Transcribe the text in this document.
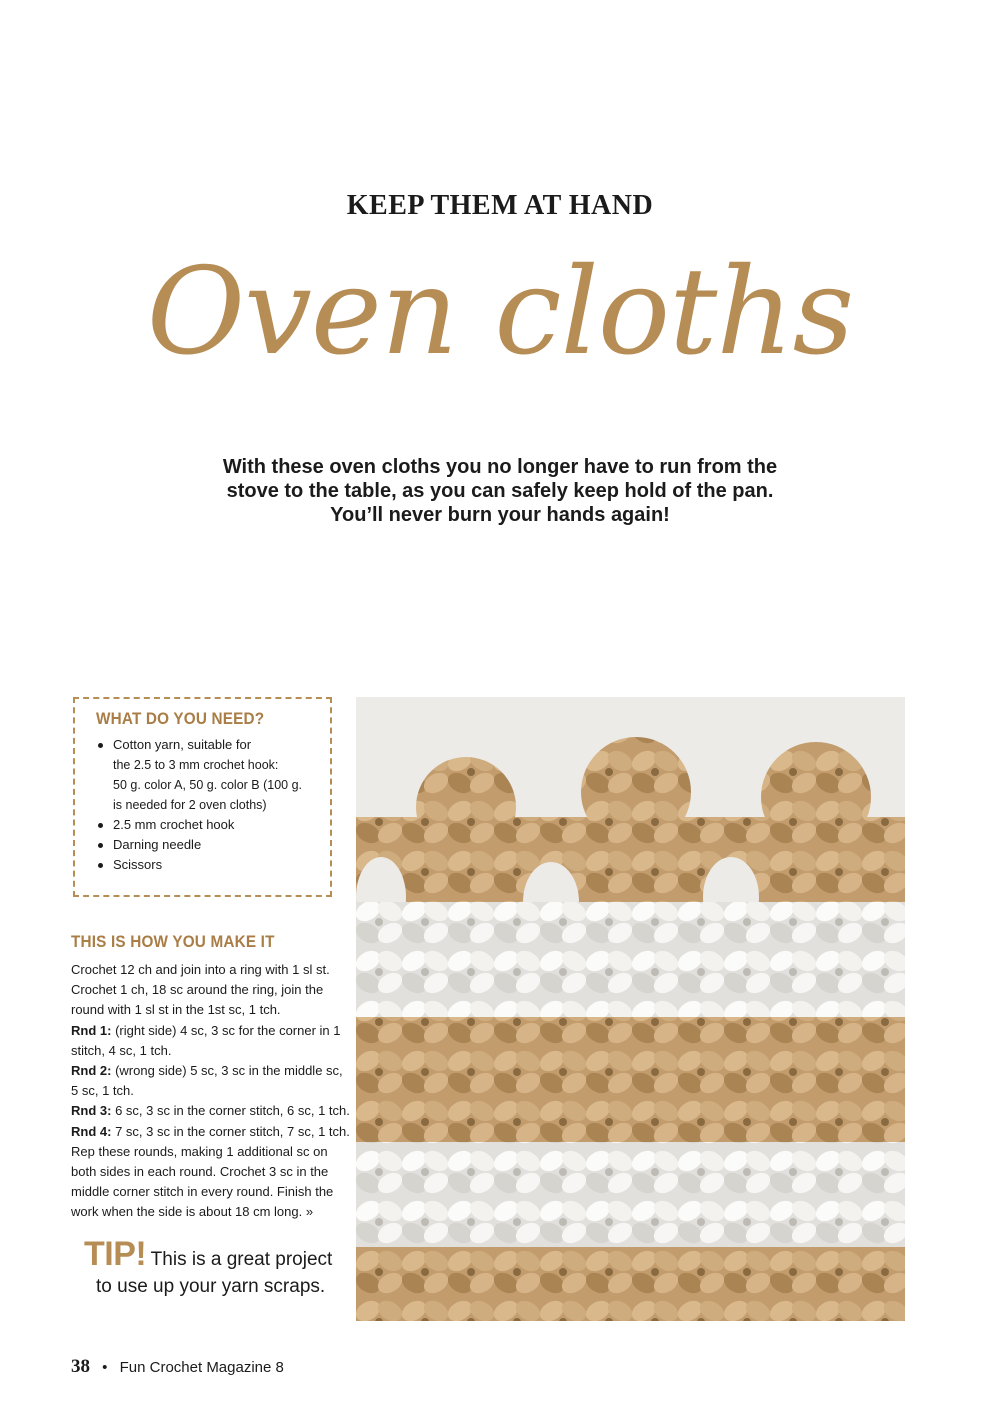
KEEP THEM AT HAND
Oven cloths
With these oven cloths you no longer have to run from the stove to the table, as you can safely keep hold of the pan. You’ll never burn your hands again!
WHAT DO YOU NEED?
Cotton yarn, suitable for
the 2.5 to 3 mm crochet hook:
50 g. color A, 50 g. color B (100 g.
is needed for 2 oven cloths)
2.5 mm crochet hook
Darning needle
Scissors
THIS IS HOW YOU MAKE IT

Crochet 12 ch and join into a ring with 1 sl st. Crochet 1 ch, 18 sc around the ring, join the round with 1 sl st in the 1st sc, 1 tch.
Rnd 1: (right side) 4 sc, 3 sc for the corner in 1 stitch, 4 sc, 1 tch.
Rnd 2: (wrong side) 5 sc, 3 sc in the middle sc, 5 sc, 1 tch.
Rnd 3: 6 sc, 3 sc in the corner stitch, 6 sc, 1 tch.
Rnd 4: 7 sc, 3 sc in the corner stitch, 7 sc, 1 tch.
Rep these rounds, making 1 additional sc on both sides in each round. Crochet 3 sc in the middle corner stitch in every round. Finish the work when the side is about 18 cm long. »

TIP! This is a great project
to use up your yarn scraps.
38 • Fun Crochet Magazine 8
